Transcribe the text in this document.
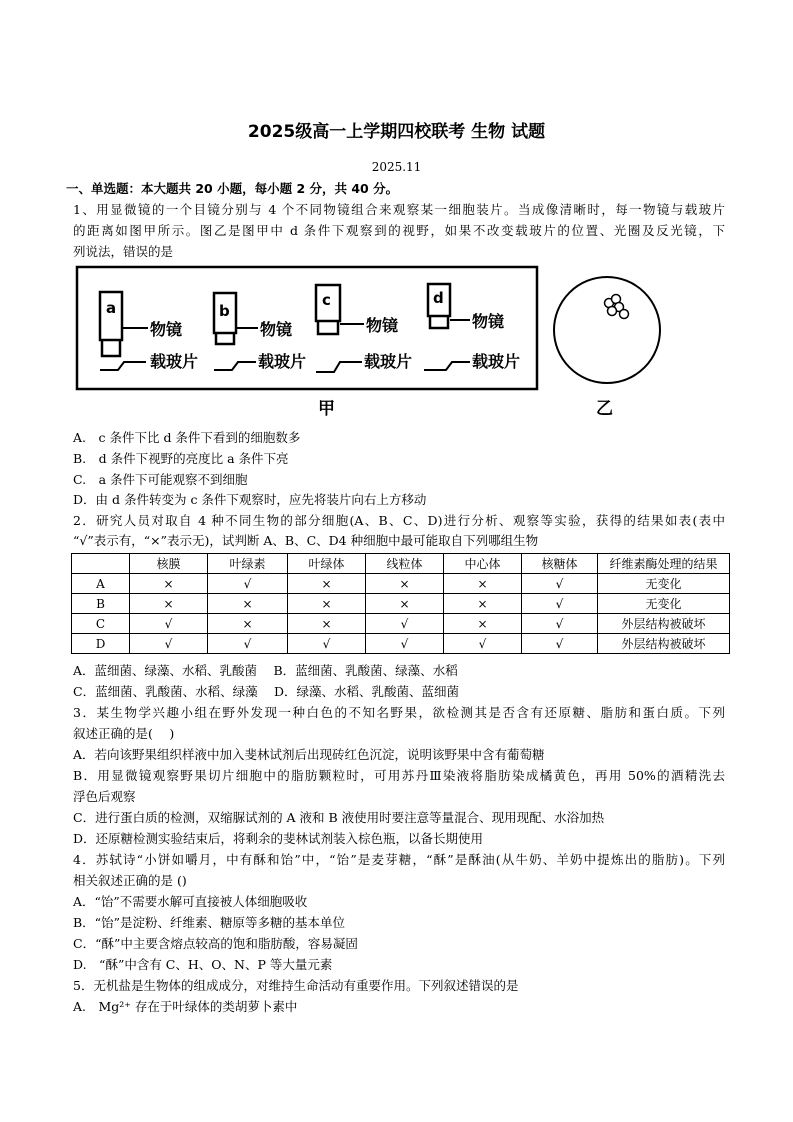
2025级高一上学期四校联考 生物 试题
2025.11
一、单选题：本大题共 20 小题，每小题 2 分，共 40 分。
1、用显微镜的一个目镜分别与 4 个不同物镜组合来观察某一细胞装片。当成像清晰时，每一物镜与载玻片
的距离如图甲所示。图乙是图甲中 d 条件下观察到的视野，如果不改变载玻片的位置、光圈及反光镜，下
列说法，错误的是
a	b
c	d
物镜	物镜	物镜	物镜
载玻片	载玻片	载玻片	载玻片
甲	乙
A.　c 条件下比 d 条件下看到的细胞数多
B.　d 条件下视野的亮度比 a 条件下亮
C.　a 条件下可能观察不到细胞
D．由 d 条件转变为 c 条件下观察时，应先将装片向右上方移动
2．研究人员对取自 4 种不同生物的部分细胞(A、B、C、D)进行分析、观察等实验，获得的结果如表(表中
“√”表示有，“×”表示无)，试判断 A、B、C、D4 种细胞中最可能取自下列哪组生物
	核膜	叶绿素	叶绿体	线粒体	中心体	核糖体	纤维素酶处理的结果
A	×	√	×	×	×	√	无变化
B	×	×	×	×	×	√	无变化
C	√	×	×	√	×	√	外层结构被破坏
D	√	√	√	√	√	√	外层结构被破坏
A．蓝细菌、绿藻、水稻、乳酸菌　 B．蓝细菌、乳酸菌、绿藻、水稻
C．蓝细菌、乳酸菌、水稻、绿藻　 D．绿藻、水稻、乳酸菌、蓝细菌
3．某生物学兴趣小组在野外发现一种白色的不知名野果，欲检测其是否含有还原糖、脂肪和蛋白质。下列
叙述正确的是(　 )
A．若向该野果组织样液中加入斐林试剂后出现砖红色沉淀，说明该野果中含有葡萄糖
B．用显微镜观察野果切片细胞中的脂肪颗粒时，可用苏丹Ⅲ染液将脂肪染成橘黄色，再用 50%的酒精洗去
浮色后观察
C．进行蛋白质的检测，双缩脲试剂的 A 液和 B 液使用时要注意等量混合、现用现配、水浴加热
D．还原糖检测实验结束后，将剩余的斐林试剂装入棕色瓶，以备长期使用
4．苏轼诗“小饼如嚼月，中有酥和饴”中，“饴”是麦芽糖，“酥”是酥油(从牛奶、羊奶中提炼出的脂肪)。下列
相关叙述正确的是 ()
A．“饴”不需要水解可直接被人体细胞吸收
B．“饴”是淀粉、纤维素、糖原等多糖的基本单位
C．“酥”中主要含熔点较高的饱和脂肪酸，容易凝固
D.　“酥”中含有 C、H、O、N、P 等大量元素
5．无机盐是生物体的组成成分，对维持生命活动有重要作用。下列叙述错误的是
A.　Mg²⁺ 存在于叶绿体的类胡萝卜素中
